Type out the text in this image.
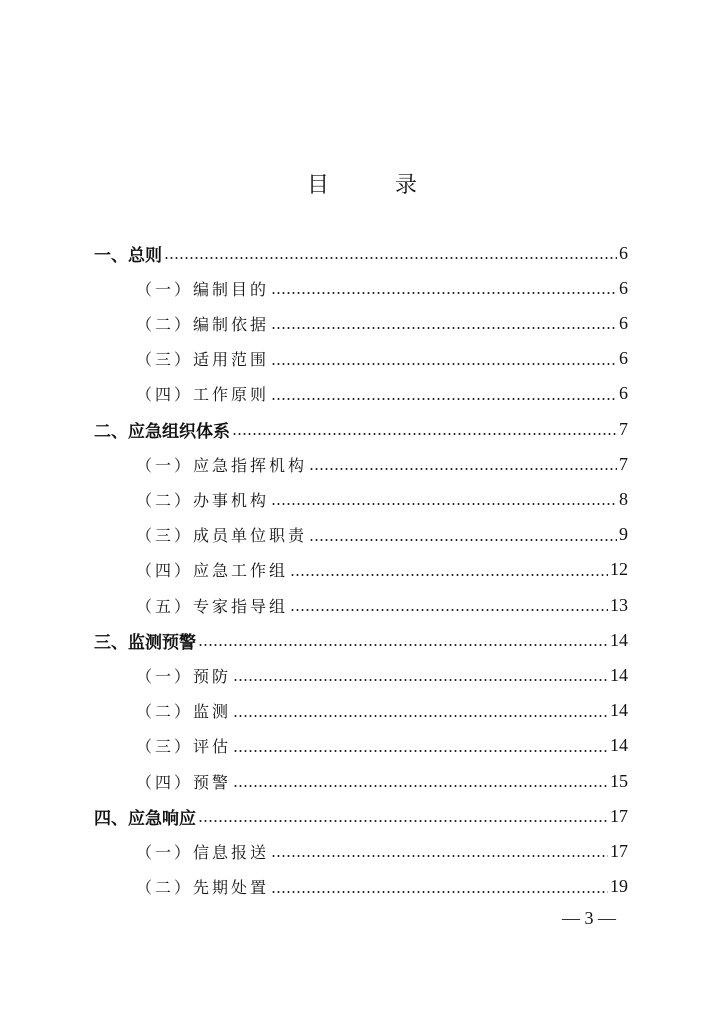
目　录
一、总则	6
（一）编制目的	6
（二）编制依据	6
（三）适用范围	6
（四）工作原则	6
二、应急组织体系	7
（一）应急指挥机构	7
（二）办事机构	8
（三）成员单位职责	9
（四）应急工作组	12
（五）专家指导组	13
三、监测预警	14
（一）预防	14
（二）监测	14
（三）评估	14
（四）预警	15
四、应急响应	17
（一）信息报送	17
（二）先期处置	19
— 3 —
